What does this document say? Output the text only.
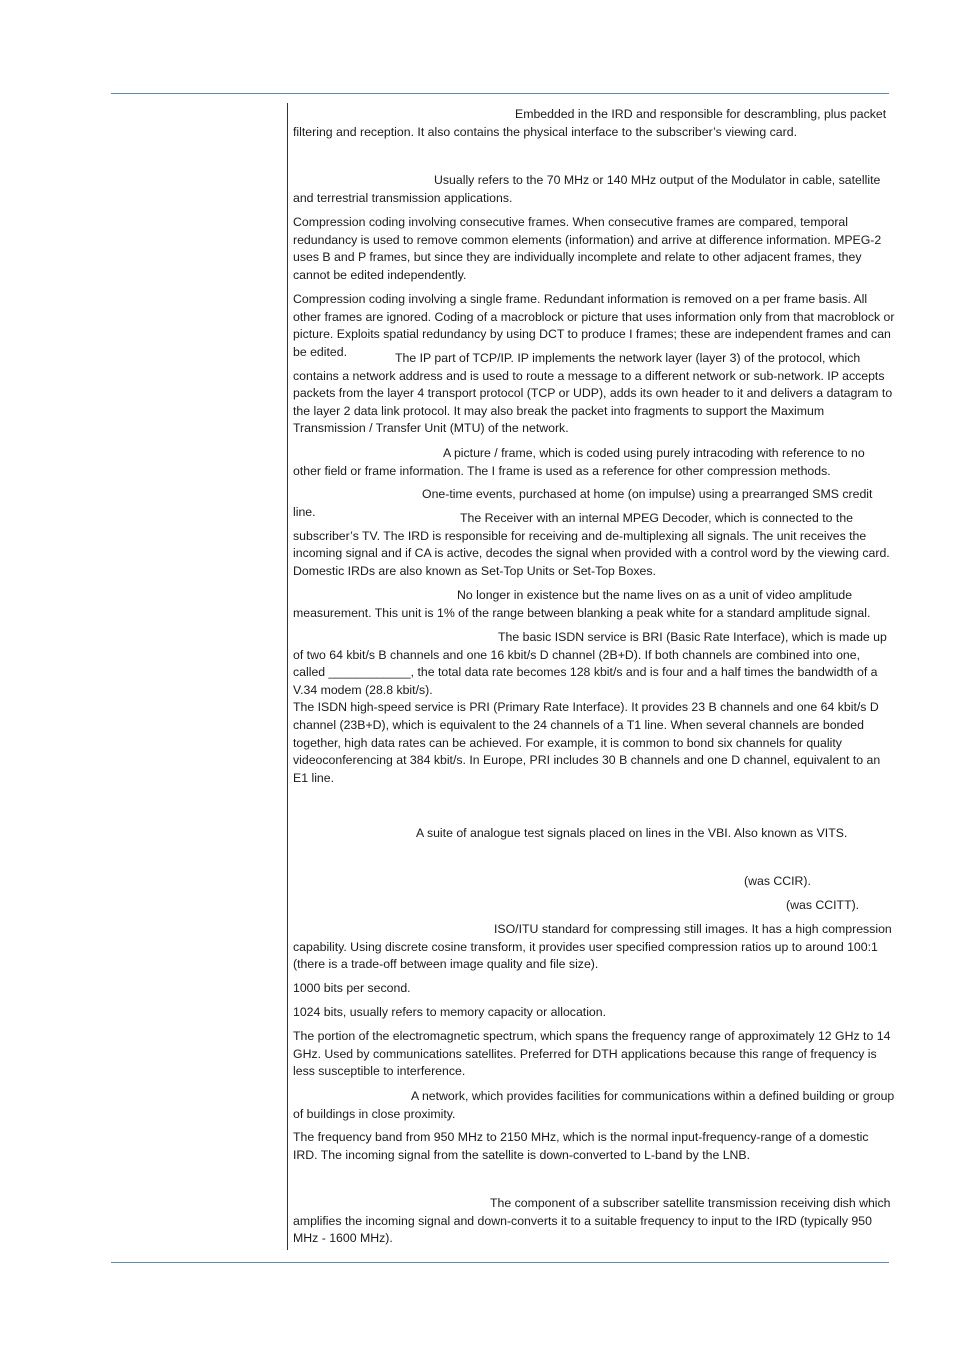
Embedded in the IRD and responsible for descrambling, plus packet filtering and reception. It also contains the physical interface to the subscriber’s viewing card.

Usually refers to the 70 MHz or 140 MHz output of the Modulator in cable, satellite and terrestrial transmission applications.

Compression coding involving consecutive frames. When consecutive frames are compared, temporal redundancy is used to remove common elements (information) and arrive at difference information. MPEG-2 uses B and P frames, but since they are individually incomplete and relate to other adjacent frames, they cannot be edited independently.

Compression coding involving a single frame. Redundant information is removed on a per frame basis. All other frames are ignored. Coding of a macroblock or picture that uses information only from that macroblock or picture. Exploits spatial redundancy by using DCT to produce I frames; these are independent frames and can be edited.	The IP part of TCP/IP. IP implements the network layer (layer 3) of the protocol, which contains a network address and is used to route a message to a different network or sub-network. IP accepts packets from the layer 4 transport protocol (TCP or UDP), adds its own header to it and delivers a datagram to the layer 2 data link protocol. It may also break the packet into fragments to support the Maximum Transmission / Transfer Unit (MTU) of the network.

A picture / frame, which is coded using purely intracoding with reference to no other field or frame information. The I frame is used as a reference for other compression methods.

One-time events, purchased at home (on impulse) using a prearranged SMS credit line.	The Receiver with an internal MPEG Decoder, which is connected to the subscriber’s TV. The IRD is responsible for receiving and de-multiplexing all signals. The unit receives the incoming signal and if CA is active, decodes the signal when provided with a control word by the viewing card. Domestic IRDs are also known as Set-Top Units or Set-Top Boxes.

No longer in existence but the name lives on as a unit of video amplitude measurement. This unit is 1% of the range between blanking a peak white for a standard amplitude signal.

The basic ISDN service is BRI (Basic Rate Interface), which is made up of two 64 kbit/s B channels and one 16 kbit/s D channel (2B+D). If both channels are combined into one, called ____________, the total data rate becomes 128 kbit/s and is four and a half times the bandwidth of a V.34 modem (28.8 kbit/s).
The ISDN high-speed service is PRI (Primary Rate Interface). It provides 23 B channels and one 64 kbit/s D channel (23B+D), which is equivalent to the 24 channels of a T1 line. When several channels are bonded together, high data rates can be achieved. For example, it is common to bond six channels for quality videoconferencing at 384 kbit/s. In Europe, PRI includes 30 B channels and one D channel, equivalent to an E1 line.

A suite of analogue test signals placed on lines in the VBI. Also known as VITS.

(was CCIR).

(was CCITT).

ISO/ITU standard for compressing still images. It has a high compression capability. Using discrete cosine transform, it provides user specified compression ratios up to around 100:1 (there is a trade-off between image quality and file size).

1000 bits per second.

1024 bits, usually refers to memory capacity or allocation.

The portion of the electromagnetic spectrum, which spans the frequency range of approximately 12 GHz to 14 GHz. Used by communications satellites. Preferred for DTH applications because this range of frequency is less susceptible to interference.

A network, which provides facilities for communications within a defined building or group of buildings in close proximity.

The frequency band from 950 MHz to 2150 MHz, which is the normal input-frequency-range of a domestic IRD. The incoming signal from the satellite is down-converted to L-band by the LNB.

The component of a subscriber satellite transmission receiving dish which amplifies the incoming signal and down-converts it to a suitable frequency to input to the IRD (typically 950 MHz - 1600 MHz).
